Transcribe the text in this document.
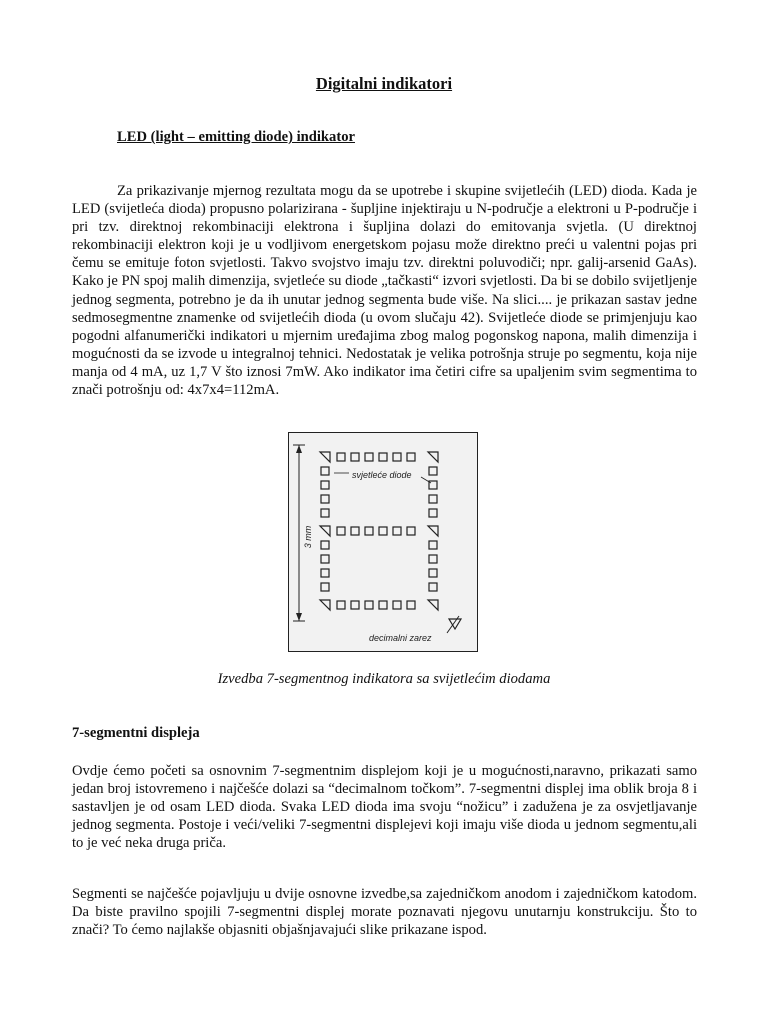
Digitalni indikatori
LED (light – emitting diode) indikator

Za prikazivanje mjernog rezultata mogu da se upotrebe i skupine svijetlećih (LED) dioda. Kada je LED (svijetleća dioda) propusno polarizirana - šupljine injektiraju u N-područje a elektroni u P-područje i pri tzv. direktnoj rekombinaciji elektrona i šupljina dolazi do emitovanja svjetla. (U direktnoj rekombinaciji elektron koji je u vodljivom energetskom pojasu može direktno preći u valentni pojas pri čemu se emituje foton svjetlosti. Takvo svojstvo imaju tzv. direktni poluvodiči; npr. galij-arsenid GaAs). Kako je PN spoj malih dimenzija, svjetleće su diode „tačkasti“ izvori svjetlosti. Da bi se dobilo svijetljenje jednog segmenta, potrebno je da ih unutar jednog segmenta bude više. Na slici.... je prikazan sastav jedne sedmosegmentne znamenke od svijetlećih dioda (u ovom slučaju 42). Svijetleće diode se primjenjuju kao pogodni alfanumerički indikatori u mjernim uređajima zbog malog pogonskog napona, malih dimenzija i mogućnosti da se izvode u integralnoj tehnici. Nedostatak je velika potrošnja struje po segmentu, koja nije manja od 4 mA, uz 1,7 V što iznosi 7mW. Ako indikator ima četiri cifre sa upaljenim svim segmentima to znači potrošnju od: 4x7x4=112mA.

3 mm
svjetleće diode
decimalni zarez
Izvedba 7-segmentnog indikatora sa svijetlećim diodama
7-segmentni displeja

Ovdje ćemo početi sa osnovnim 7-segmentnim displejom koji je u mogućnosti,naravno, prikazati samo jedan broj istovremeno i najčešće dolazi sa “decimalnom točkom”. 7-segmentni displej ima oblik broja 8 i sastavljen je od osam LED dioda. Svaka LED dioda ima svoju “nožicu” i zadužena je za osvjetljavanje jednog segmenta. Postoje i veći/veliki 7-segmentni displejevi koji imaju više dioda u jednom segmentu,ali to je već neka druga priča.

Segmenti se najčešće pojavljuju u dvije osnovne izvedbe,sa zajedničkom anodom i zajedničkom katodom. Da biste pravilno spojili 7-segmentni displej morate poznavati njegovu unutarnju konstrukciju. Što to znači? To ćemo najlakše objasniti objašnjavajući slike prikazane ispod.
